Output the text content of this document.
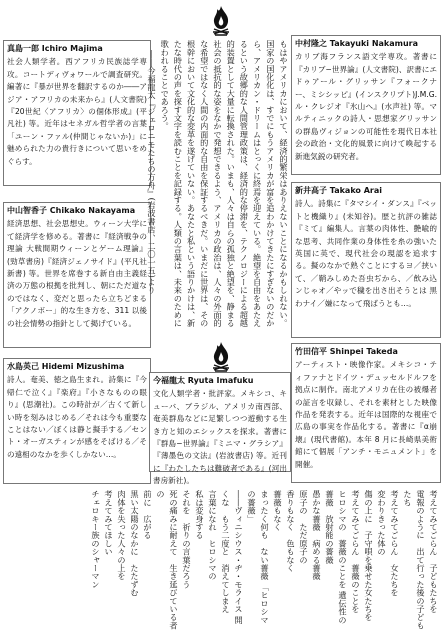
真島一郎 Ichiro Majima
社会人類学者。西アフリカ民族誌学専攻。コートディヴォワールで調査研究。編著に『暴が世界を翻訳するのか――アジア・アフリカの未来から』(人文書院)『20世紀〈アフリカ〉の個体形成』(平凡社) 等。近年はセネガル哲学者の言葉「ユーン・ファル(仲間じゃないか)」に魅められた力の貴行きについて思いをめぐらす。
中山智香子 Chikako Nakayama
経済思想、社会思想史。ウィーン大学にて経済学を修める。著書に『経済戦争の理論 大戦間期ウィーンとゲーム理論』(勁草書房)『経済ジェノサイド』(平凡社新書) 等。世界を席巻する新自由主義経済の万態の根拠を批判し、朝にただ道なのではなく、変だと思ったら立ちどまる「アクノボー」的な生き方を、311 以後の社会情勢の指針として掲げている。
水島英己 Hidemi Mizushima
詩人。奄美、徳之島生まれ。詩集に『今帰仁で泣く』『楽府』『小さなものの眼り』(思潮社)。この時計が／古くて新しい時を刻みはじめる／それは今も重要なことはない／ぼくは静と擬手する／セント・オーガスティンが感をそばける／その遠相のなかを歩くしかない…。
中村隆之 Takayuki Nakamura
カリブ海フランス語文学専攻。著書に『カリブ−世界論』(人文書院)、訳書にエドゥアール・グリッサン『フォークナー、ミシシッピ』(インスクリプト)J.M.G.ル・クレジオ『氷山へ』(水声社) 等。マルティニックの詩人・思想家グリッサンの群島ヴィジョンの可能性を現代日本社会の政治・文化的風景に向けて喚起する新進気鋭の研究者。
新井高子 Takako Arai
詩人。詩集に『タマシイ・ダンス』『ベットと機織り』(未知谷)。歴と抗評の雑誌『ミて』編集人。言葉の肉体性、艶喩的な思考、共同作業の身体性を糸の強いた英国に英で、現代社会の現認を追求する。擬のなかで熟ぐことにするヨ／挟いて、／鞘みしめた吾虫ぢから、／飲み込ンじゃオ／やッで穢を出さ出そうとは 黒わナイ／嫌になって飛ばうとも…。
竹田信平 Shinpei Takeda
アーティスト・映像作家。メキシコ・ティファナとドイツ・デュッセルドルフを拠点に制作。南北アメリカ在住の被爆者の証言を収録し、それを素材とした映像作品を発表する。近年は国際的な視座で広島の事実を作品化する。著書に『α崩壊』(現代書館)。本年 8 月に長崎県美術館にて個展「アンチ・モニュメント」を開催。
今福龍太 Ryuta Imafuku
文化人類学者・批評家。メキシコ、キューバ、ブラジル、アメリカ南西部、奄美群島などに足繁しつつ遊動する生き方と知のエシックスを探求。著書に『群島−世界論』『ミニマ・グラシア』『薄墨色の文法』(岩波書店) 等。近刊に『わたしたちは難破者である』(河出書房新社)。
もはやアメリカにおいて、経済的繁栄はありえないことになるかもしれない。国家の国化化は、すでにもうアメリカが富を追わかけてきたにすぎないのだから、アメリカン・ドリームはとっくに終焉を迎えている。絶望を自由をあたえるという故郷的な人間管理政策は、経済的な停滞を、テクノロジーによる超越的装置として大量に転換された。いまも、人々は自らの孤独と絶望を、静まる社会の抵抗的な姿をなかで発想できるよう、アメリカの政治は、人々の外面的な希望ではなく人間の内面的な自由を保証するべきだ。いまだに世界は、その根幹において文化的な変革を遂げていない。あなたと私という語りかけは、新たな時代の声を探す文字を読むことを記録する。人類の言葉は、未来のために歌われることであろう。
――今福龍太『ジェロニモたちの方舟』(岩波書店、二〇一五)より
考えてみてごらん　子どもたちを
電報のように　出て行った後の子どもたち
考えてみてごらん　女たちを
変わりきった体の
傷の上に　子守唄を乗せた女たちを
考えてみてごらん　薔薇のことを
ヒロシマの　薔薇のことを 遺伝性の薔薇　放射能の薔薇
愚かな薔薇　病める薔薇
原子の　ただ原子の
香りもなく　色もなく
薔薇もなく
まったく何も　ない薔薇 「ヒロシマの薔薇」
――ヴィニシウス・ヂ・モライス 開くな　もう二度と　消えてしまえ
言葉になれ　ヒロシマの
私は変身する
それを　祈りの言葉だろう
死の痛みに耐えて　生き延びている者の
前に　広がる
黒い太陽のなかに　たたずむ
肉体を失った人々の上を
考えてみてほしい
チェロキー族のシャーマン
